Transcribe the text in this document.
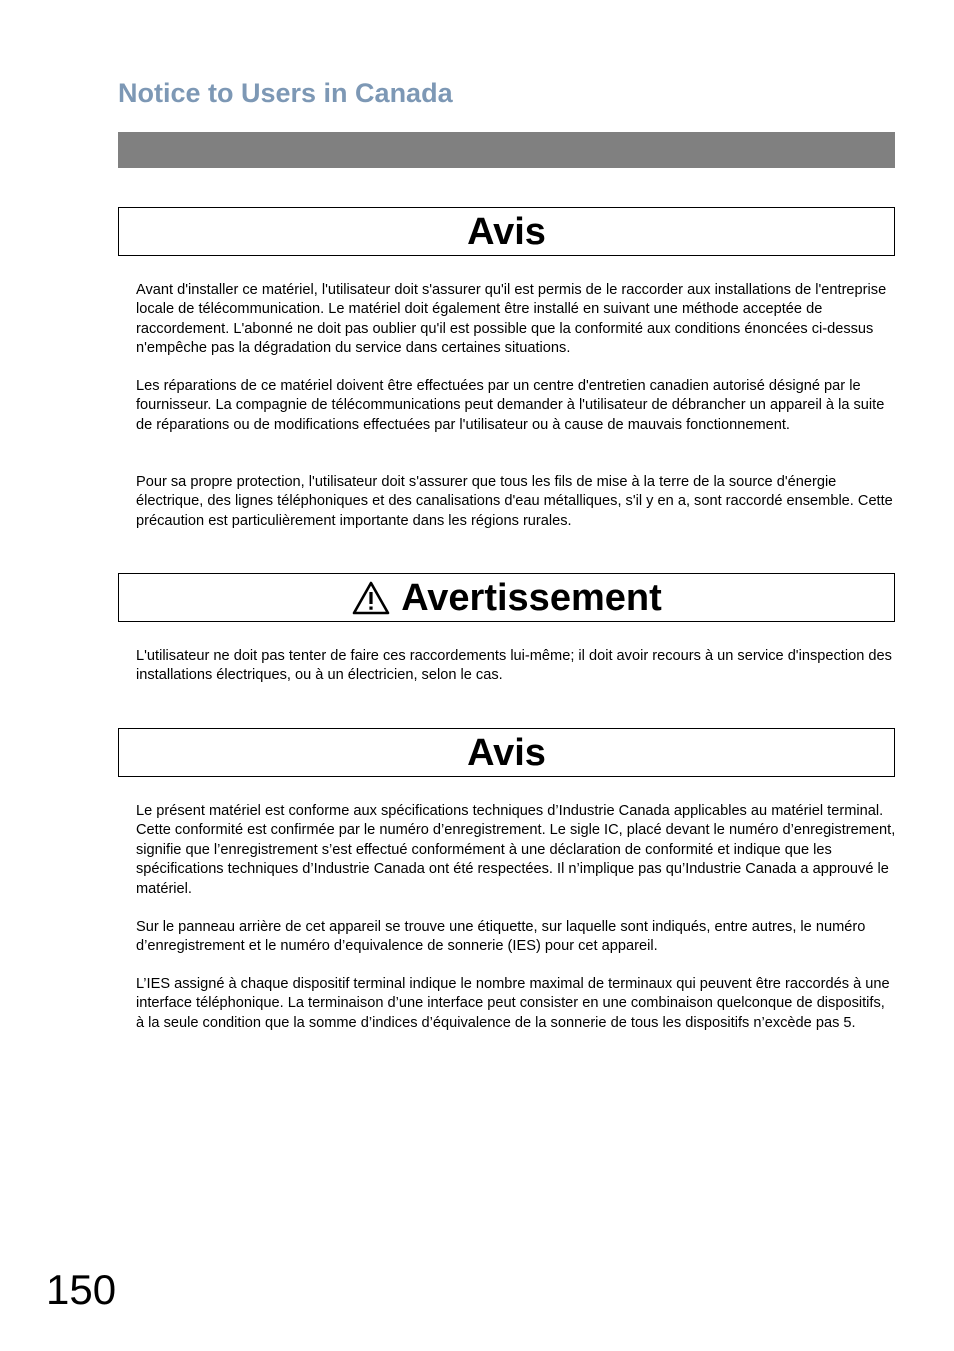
Notice to Users in Canada
Avis

Avant d'installer ce matériel, l'utilisateur doit s'assurer qu'il est permis de le raccorder aux installations de l'entreprise locale de télécommunication. Le matériel doit également être installé en suivant une méthode acceptée de raccordement. L'abonné ne doit pas oublier qu'il est possible que la conformité aux conditions énoncées ci-dessus n'empêche pas la dégradation du service dans certaines situations.

Les réparations de ce matériel doivent être effectuées par un centre d'entretien canadien autorisé désigné par le fournisseur. La compagnie de télécommunications peut demander à l'utilisateur de débrancher un appareil à la suite de réparations ou de modifications effectuées par l'utilisateur ou à cause de mauvais fonctionnement.

Pour sa propre protection, l'utilisateur doit s'assurer que tous les fils de mise à la terre de la source d'énergie électrique, des lignes téléphoniques et des canalisations d'eau métalliques, s'il y en a, sont raccordé ensemble. Cette précaution est particulièrement importante dans les régions rurales.

Avertissement

L'utilisateur ne doit pas tenter de faire ces raccordements lui-même; il doit avoir recours à un service d'inspection des installations électriques, ou à un électricien, selon le cas.

Avis

Le présent matériel est conforme aux spécifications techniques d’Industrie Canada applicables au matériel terminal. Cette conformité est confirmée par le numéro d’enregistrement. Le sigle IC, placé devant le numéro d’enregistrement, signifie que l’enregistrement s’est effectué conformément à une déclaration de conformité et indique que les spécifications techniques d’Industrie Canada ont été respectées. Il n’implique pas qu’Industrie Canada a approuvé le matériel.

Sur le panneau arrière de cet appareil se trouve une étiquette, sur laquelle sont indiqués, entre autres, le numéro d’enregistrement et le numéro d’equivalence de sonnerie (IES) pour cet appareil.

L’IES assigné à chaque dispositif terminal indique le nombre maximal de terminaux qui peuvent être raccordés à une interface téléphonique. La terminaison d’une interface peut consister en une combinaison quelconque de dispositifs, à la seule condition que la somme d’indices d’équivalence de la sonnerie de tous les dispositifs n’excède pas 5.

150
